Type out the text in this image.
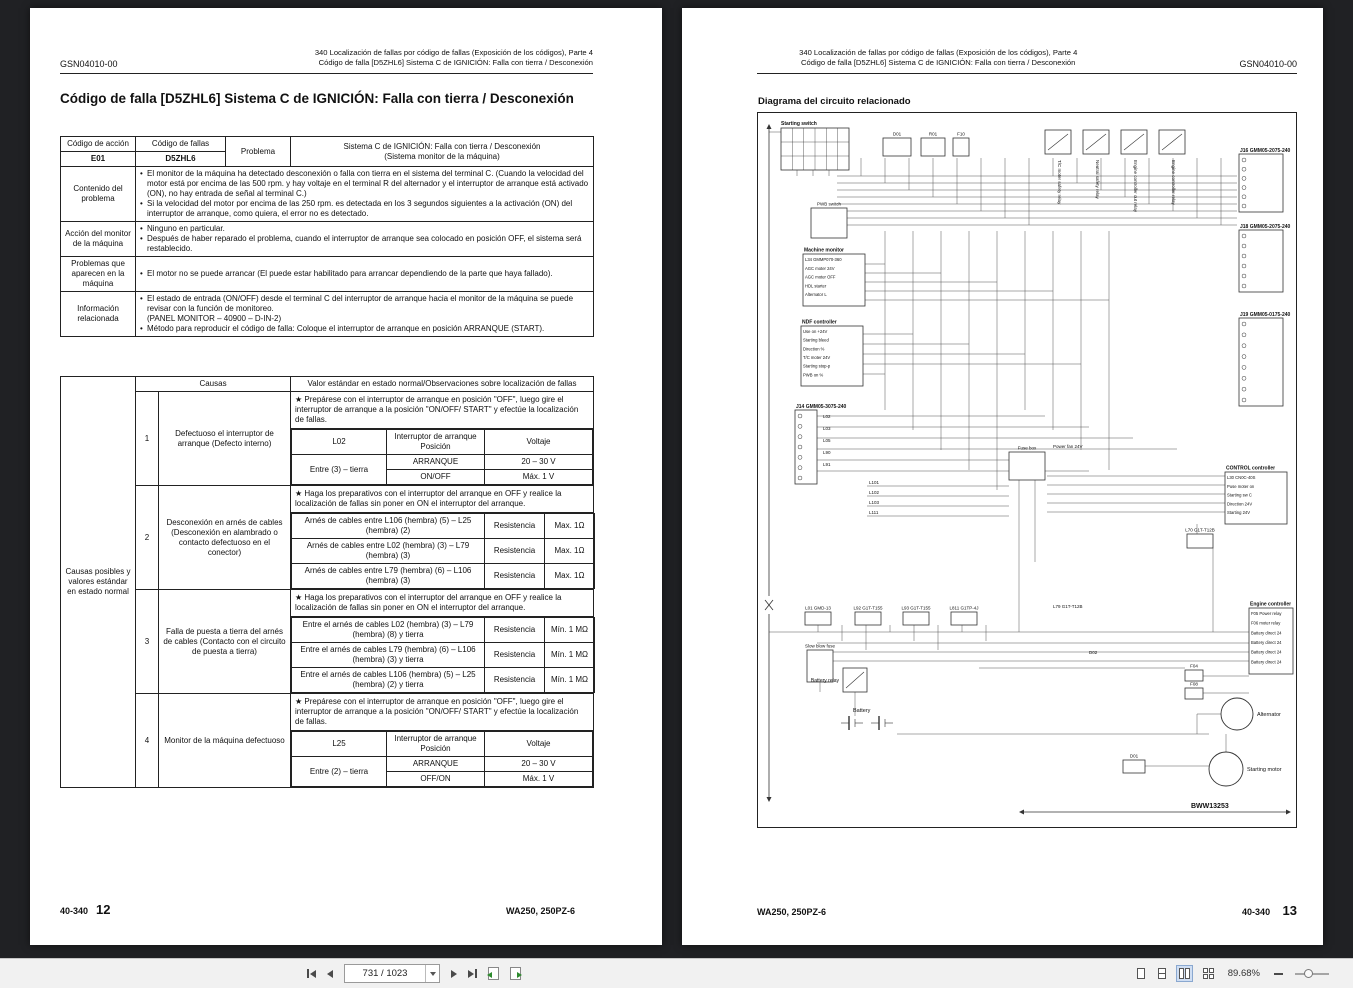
GSN04010-00
340 Localización de fallas por código de fallas (Exposición de los códigos), Parte 4
Código de falla [D5ZHL6] Sistema C de IGNICIÓN: Falla con tierra / Desconexión
Código de falla [D5ZHL6] Sistema C de IGNICIÓN: Falla con tierra / Desconexión
Código de acción	Código de fallas	Problema	Sistema C de IGNICIÓN: Falla con tierra / Desconexión
(Sistema monitor de la máquina)

E01	D5ZHL6		
Contenido del problema	• El monitor de la máquina ha detectado desconexión o falla con tierra en el sistema del terminal C. (Cuando la velocidad del motor está por encima de las 500 rpm. y hay voltaje en el terminal R del alternador y el interruptor de arranque está activado (ON), no hay entrada de señal al terminal C.)
• Si la velocidad del motor por encima de las 250 rpm. es detectada en los 3 segundos siguientes a la activación (ON) del interruptor de arranque, como quiera, el error no es detectado.

Acción del monitor de la máquina	• Ninguno en particular.
• Después de haber reparado el problema, cuando el interruptor de arranque sea colocado en posición OFF, el sistema será restablecido.

Problemas que aparecen en la máquina	• El motor no se puede arrancar (El puede estar habilitado para arrancar dependiendo de la parte que haya fallado).

Información relacionada	• El estado de entrada (ON/OFF) desde el terminal C del interruptor de arranque hacia el monitor de la máquina se puede revisar con la función de monitoreo.
(PANEL MONITOR – 40900 – D-IN-2)
• Método para reproducir el código de falla: Coloque el interruptor de arranque en posición ARRANQUE (START).
Causas posibles y valores estándar en estado normal	Causas	Valor estándar en estado normal/Observaciones sobre localización de fallas
1	Defectuoso el interruptor de arranque (Defecto interno)	
★ Prepárese con el interruptor de arranque en posición "OFF", luego gire el interruptor de arranque a la posición "ON/OFF/ START" y efectúe la localización de fallas.
L02	Interruptor de arranque Posición	Voltaje
Entre (3) – tierra	ARRANQUE	20 – 30 V
ON/OFF	Máx. 1 V

2	Desconexión en arnés de cables (Desconexión en alambrado o contacto defectuoso en el conector)	
★ Haga los preparativos con el interruptor del arranque en OFF y realice la localización de fallas sin poner en ON el interruptor del arranque.
Arnés de cables entre L106 (hembra) (5) – L25 (hembra) (2)	Resistencia	Max. 1Ω
Arnés de cables entre L02 (hembra) (3) – L79 (hembra) (3)	Resistencia	Max. 1Ω
Arnés de cables entre L79 (hembra) (6) – L106 (hembra) (3)	Resistencia	Max. 1Ω

3	Falla de puesta a tierra del arnés de cables (Contacto con el circuito de puesta a tierra)	
★ Haga los preparativos con el interruptor del arranque en OFF y realice la localización de fallas sin poner en ON el interruptor del arranque.
Entre el arnés de cables L02 (hembra) (3) – L79 (hembra) (8) y tierra	Resistencia	Mín. 1 MΩ
Entre el arnés de cables L79 (hembra) (6) – L106 (hembra) (3) y tierra	Resistencia	Mín. 1 MΩ
Entre el arnés de cables L106 (hembra) (5) – L25 (hembra) (2) y tierra	Resistencia	Mín. 1 MΩ

4	Monitor de la máquina defectuoso	
★ Prepárese con el interruptor de arranque en posición "OFF", luego gire el interruptor de arranque a la posición "ON/OFF/ START" y efectúe la localización de fallas.
L25	Interruptor de arranque Posición	Voltaje
Entre (2) – tierra	ARRANQUE	20 – 30 V
OFF/ON	Máx. 1 V
40-340 12	WA250, 250PZ-6
340 Localización de fallas por código de fallas (Exposición de los códigos), Parte 4
Código de falla [D5ZHL6] Sistema C de IGNICIÓN: Falla con tierra / Desconexión	GSN04010-00
Diagrama del circuito relacionado
Starting switch
D01	R01	F10
T/C moter safety relay	Neutral safety relay	Engine controller cut relay	Engine controller relay
J16 GMM05-2075-240
J18 GMM05-2075-240
J19 GMM05-0175-240
PWB switch
Machine monitor
L34 GMMP070-360
AGC moter 24V
AGC moter OFF
HDL starter
Alternator L
NDF controller
Use on +24V
Starting bleed
Direction %
T/C moter 24V
Starting stop-p
PWB on %
J14 GMM05-3075-240
Fuse box
CONTROL controller
L30 CN0C-40S
Puse moter on
Starting sw C
Direction 24V
Starting 24V
L70 G1T-T12B
L01 GMD-13	L92 G1T-T155	L93 G1T-T155	L811 G1TP-4J
Engine controller
F05 Power relay
F06 moter relay
Battery direct 24
Battery direct 24
Battery direct 24
Battery direct 24
Slow blow fuse
Battery relay
Battery
F04
F08
Alternator
D01
Starting motor
L02
L03
L05
L90
L91
L101
L102
L103
L111
Power fan 24V
L79 G1T-T12B
D02
BWW13253
WA250, 250PZ-6	40-340 13
731 / 1023	89.68%
